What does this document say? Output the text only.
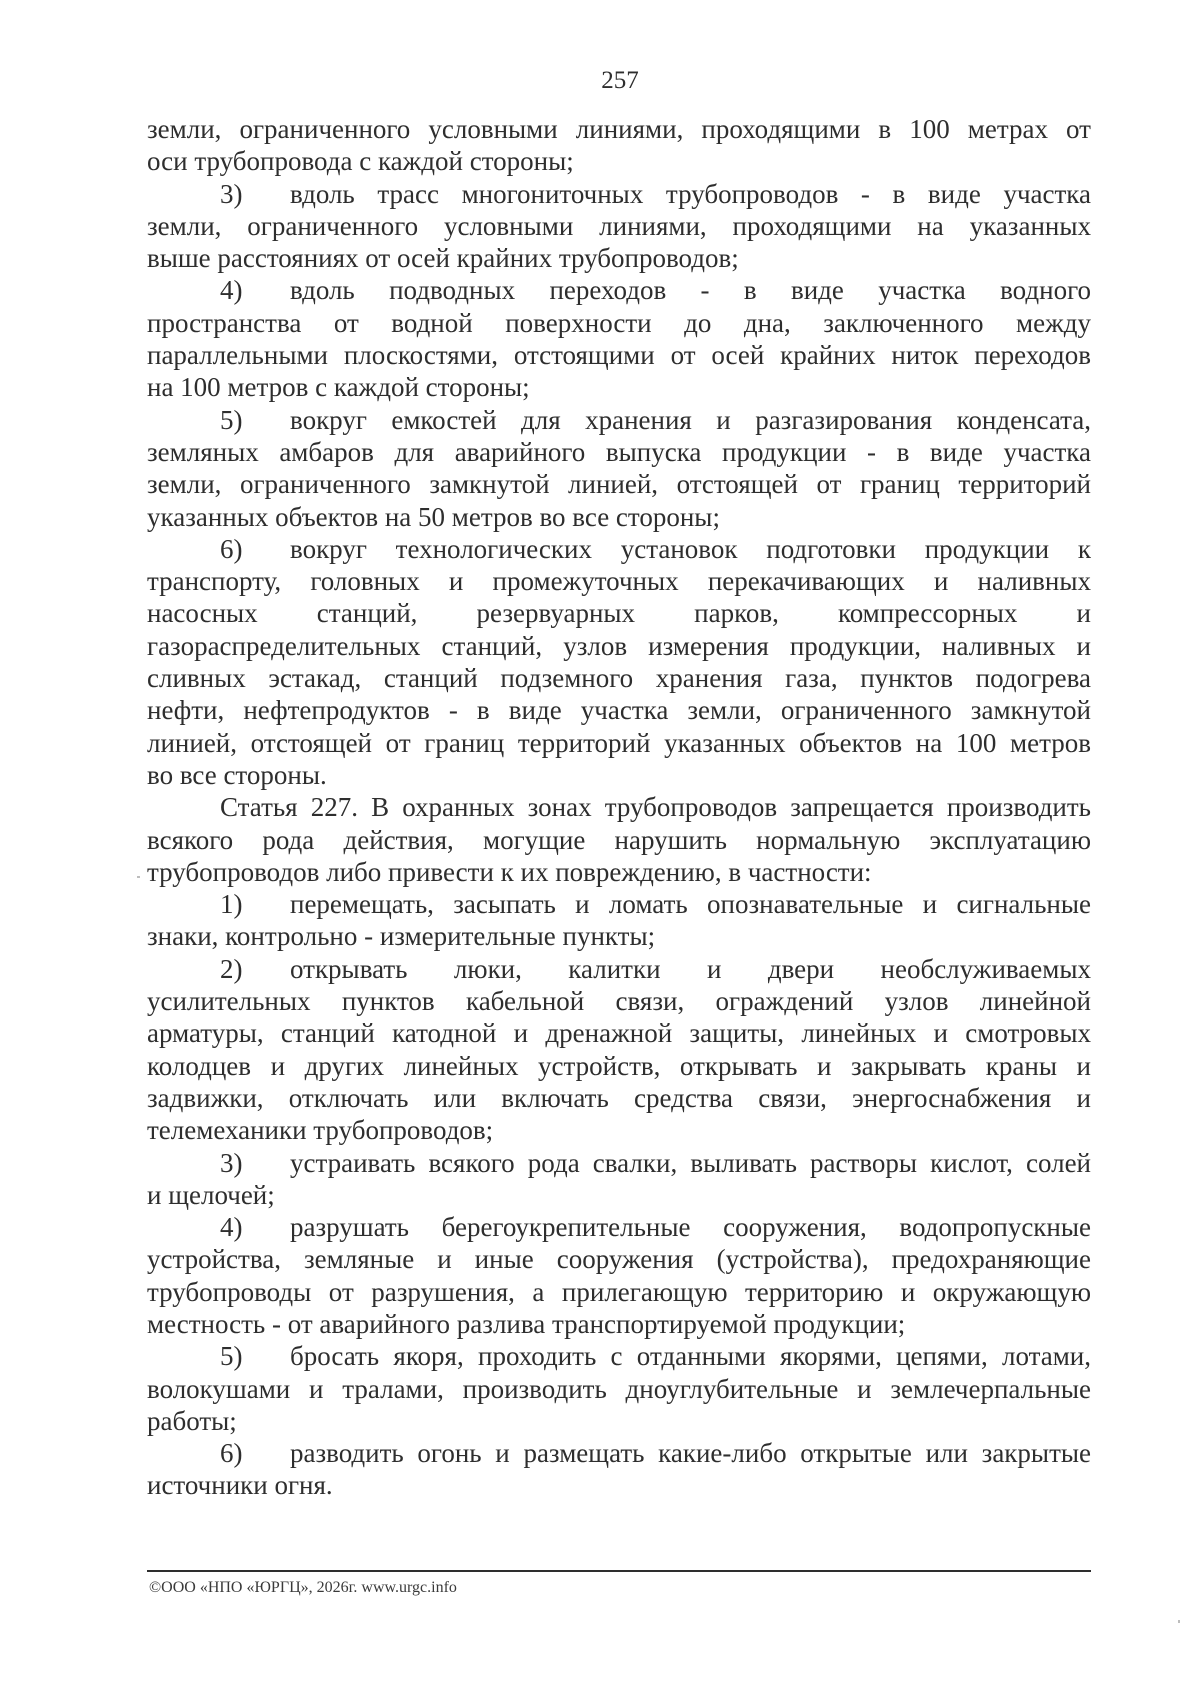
257
земли, ограниченного условными линиями, проходящими в 100 метрах от
оси трубопровода с каждой стороны;
3) вдоль трасс многониточных трубопроводов - в виде участка
земли, ограниченного условными линиями, проходящими на указанных
выше расстояниях от осей крайних трубопроводов;
4) вдоль подводных переходов - в виде участка водного
пространства от водной поверхности до дна, заключенного между
параллельными плоскостями, отстоящими от осей крайних ниток переходов
на 100 метров с каждой стороны;
5) вокруг емкостей для хранения и разгазирования конденсата,
земляных амбаров для аварийного выпуска продукции - в виде участка
земли, ограниченного замкнутой линией, отстоящей от границ территорий
указанных объектов на 50 метров во все стороны;
6) вокруг технологических установок подготовки продукции к
транспорту, головных и промежуточных перекачивающих и наливных
насосных станций, резервуарных парков, компрессорных и
газораспределительных станций, узлов измерения продукции, наливных и
сливных эстакад, станций подземного хранения газа, пунктов подогрева
нефти, нефтепродуктов - в виде участка земли, ограниченного замкнутой
линией, отстоящей от границ территорий указанных объектов на 100 метров
во все стороны.
Статья 227. В охранных зонах трубопроводов запрещается производить
всякого рода действия, могущие нарушить нормальную эксплуатацию
трубопроводов либо привести к их повреждению, в частности:
1) перемещать, засыпать и ломать опознавательные и сигнальные
знаки, контрольно - измерительные пункты;
2) открывать люки, калитки и двери необслуживаемых
усилительных пунктов кабельной связи, ограждений узлов линейной
арматуры, станций катодной и дренажной защиты, линейных и смотровых
колодцев и других линейных устройств, открывать и закрывать краны и
задвижки, отключать или включать средства связи, энергоснабжения и
телемеханики трубопроводов;
3) устраивать всякого рода свалки, выливать растворы кислот, солей
и щелочей;
4) разрушать берегоукрепительные сооружения, водопропускные
устройства, земляные и иные сооружения (устройства), предохраняющие
трубопроводы от разрушения, а прилегающую территорию и окружающую
местность - от аварийного разлива транспортируемой продукции;
5) бросать якоря, проходить с отданными якорями, цепями, лотами,
волокушами и тралами, производить дноуглубительные и землечерпальные
работы;
6) разводить огонь и размещать какие-либо открытые или закрытые
источники огня.
©ООО «НПО «ЮРГЦ», 2026г. www.urgc.info
